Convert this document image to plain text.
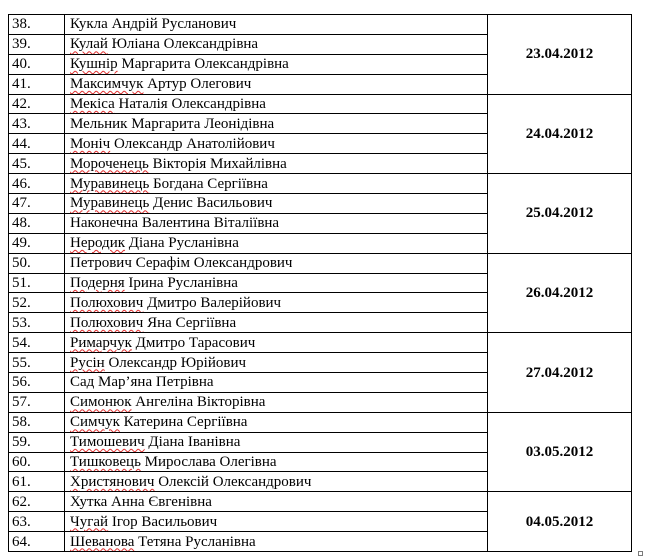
38.	Кукла Андрій Русланович	23.04.2012
39.	Кулай Юліана Олександрівна	
40.	Кушнір Маргарита Олександрівна	
41.	Максимчук Артур Олегович	
42.	Мекіса Наталія Олександрівна	24.04.2012
43.	Мельник Маргарита Леонідівна	
44.	Моніч Олександр Анатолійович	
45.	Мороченець Вікторія Михайлівна	
46.	Муравинець Богдана Сергіївна	25.04.2012
47.	Муравинець Денис Васильович	
48.	Наконечна Валентина Віталіївна	
49.	Неродик Діана Русланівна	
50.	Петрович Серафім Олександрович	26.04.2012
51.	Подерня Ірина Русланівна	
52.	Полюхович Дмитро Валерійович	
53.	Полюхович Яна Сергіївна	
54.	Римарчук Дмитро Тарасович	27.04.2012
55.	Русін Олександр Юрійович	
56.	Сад Мар’яна Петрівна	
57.	Симонюк Ангеліна Вікторівна	
58.	Симчук Катерина Сергіївна	03.05.2012
59.	Тимошевич Діана Іванівна	
60.	Тишковець Мирослава Олегівна	
61.	Христянович Олексій Олександрович	
62.	Хутка Анна Євгенівна	04.05.2012
63.	Чугай Ігор Васильович	
64.	Шеванова Тетяна Русланівна	
